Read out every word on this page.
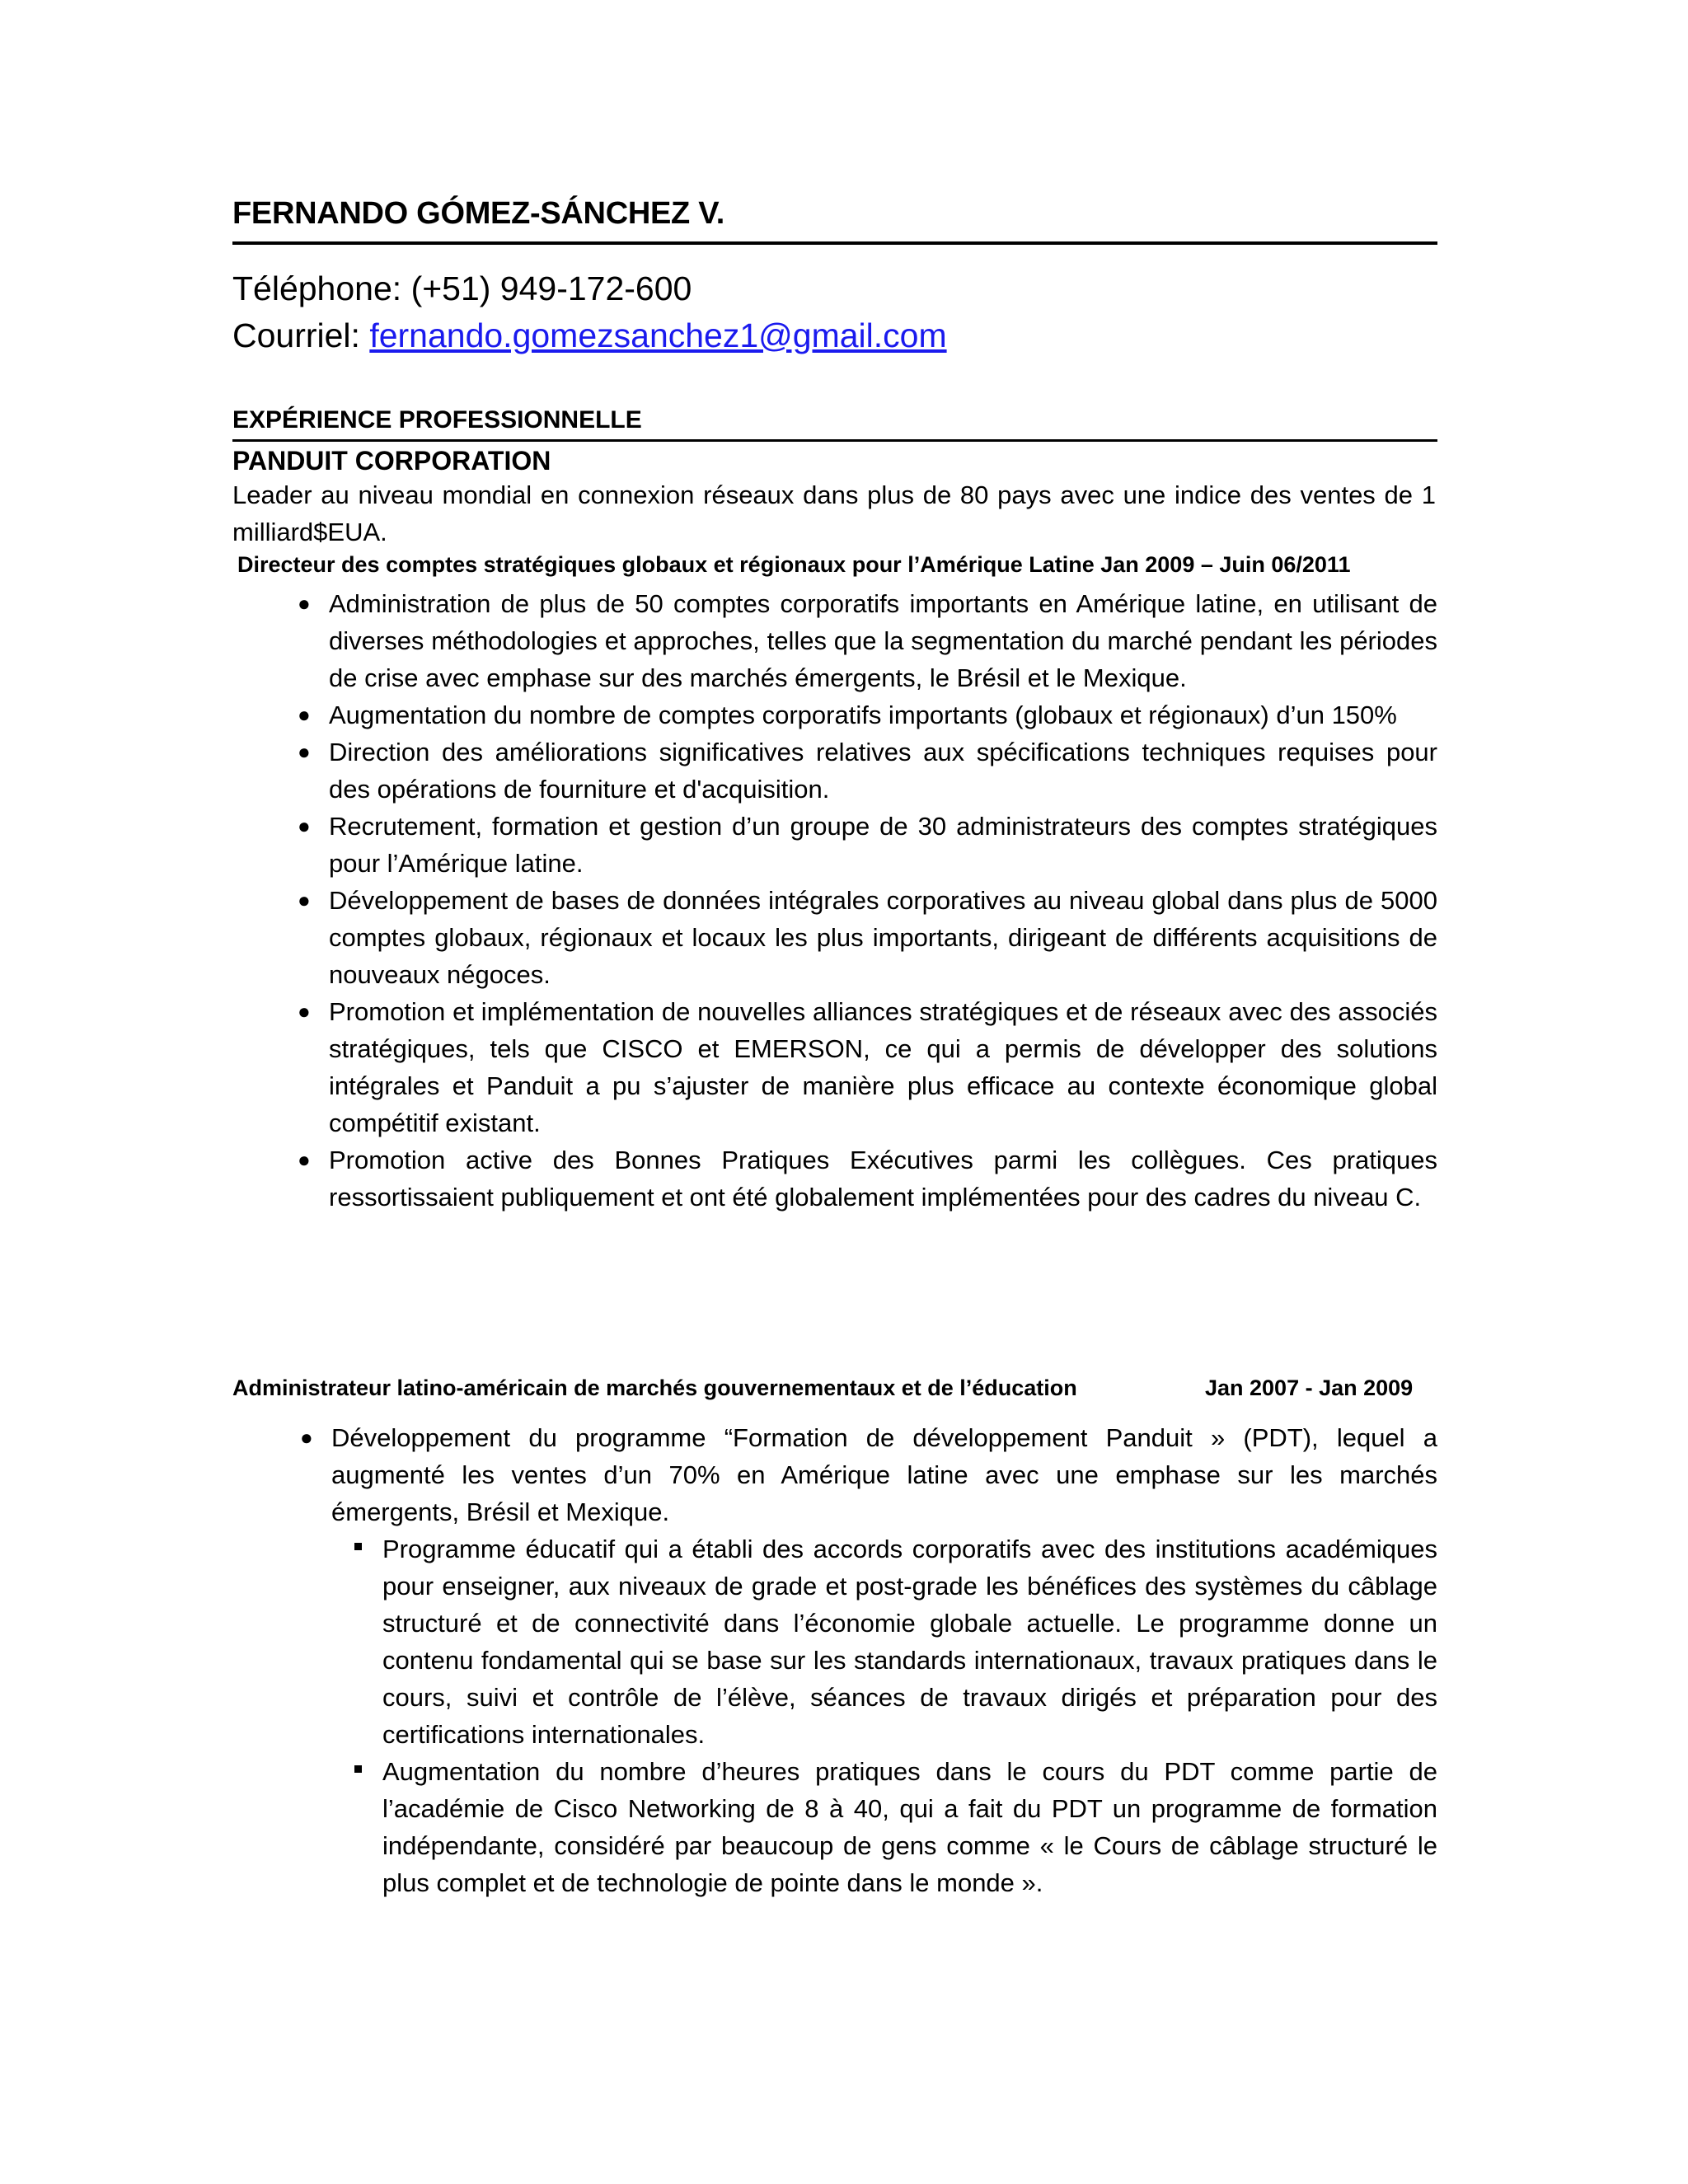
FERNANDO GÓMEZ-SÁNCHEZ V.
Téléphone: (+51) 949-172-600
Courriel: fernando.gomezsanchez1@gmail.com
EXPÉRIENCE PROFESSIONNELLE
PANDUIT CORPORATION
Leader au niveau mondial en connexion réseaux dans plus de 80 pays avec une indice des ventes de 1 milliard$EUA.
Directeur des comptes stratégiques globaux et régionaux pour l’Amérique Latine Jan 2009 – Juin 06/2011
● Administration de plus de 50 comptes corporatifs importants en Amérique latine, en utilisant de diverses méthodologies et approches, telles que la segmentation du marché pendant les périodes de crise avec emphase sur des marchés émergents, le Brésil et le Mexique.
● Augmentation du nombre de comptes corporatifs importants (globaux et régionaux) d’un 150%
● Direction des améliorations significatives relatives aux spécifications techniques requises pour des opérations de fourniture et d'acquisition.
● Recrutement, formation et gestion d’un groupe de 30 administrateurs des comptes stratégiques pour l’Amérique latine.
● Développement de bases de données intégrales corporatives au niveau global dans plus de 5000 comptes globaux, régionaux et locaux les plus importants, dirigeant de différents acquisitions de nouveaux négoces.
● Promotion et implémentation de nouvelles alliances stratégiques et de réseaux avec des associés stratégiques, tels que CISCO et EMERSON, ce qui a permis de développer des solutions intégrales et Panduit a pu s’ajuster de manière plus efficace au contexte économique global compétitif existant.
● Promotion active des Bonnes Pratiques Exécutives parmi les collègues. Ces pratiques ressortissaient publiquement et ont été globalement implémentées pour des cadres du niveau C.
Administrateur latino-américain de marchés gouvernementaux et de l’éducation	Jan 2007 - Jan 2009
● Développement du programme “Formation de développement Panduit » (PDT), lequel a augmenté les ventes d’un 70% en Amérique latine avec une emphase sur les marchés émergents, Brésil et Mexique.
Programme éducatif qui a établi des accords corporatifs avec des institutions académiques pour enseigner, aux niveaux de grade et post-grade les bénéfices des systèmes du câblage structuré et de connectivité dans l’économie globale actuelle. Le programme donne un contenu fondamental qui se base sur les standards internationaux, travaux pratiques dans le cours, suivi et contrôle de l’élève, séances de travaux dirigés et préparation pour des certifications internationales.
Augmentation du nombre d’heures pratiques dans le cours du PDT comme partie de l’académie de Cisco Networking de 8 à 40, qui a fait du PDT un programme de formation indépendante, considéré par beaucoup de gens comme « le Cours de câblage structuré le plus complet et de technologie de pointe dans le monde ».
